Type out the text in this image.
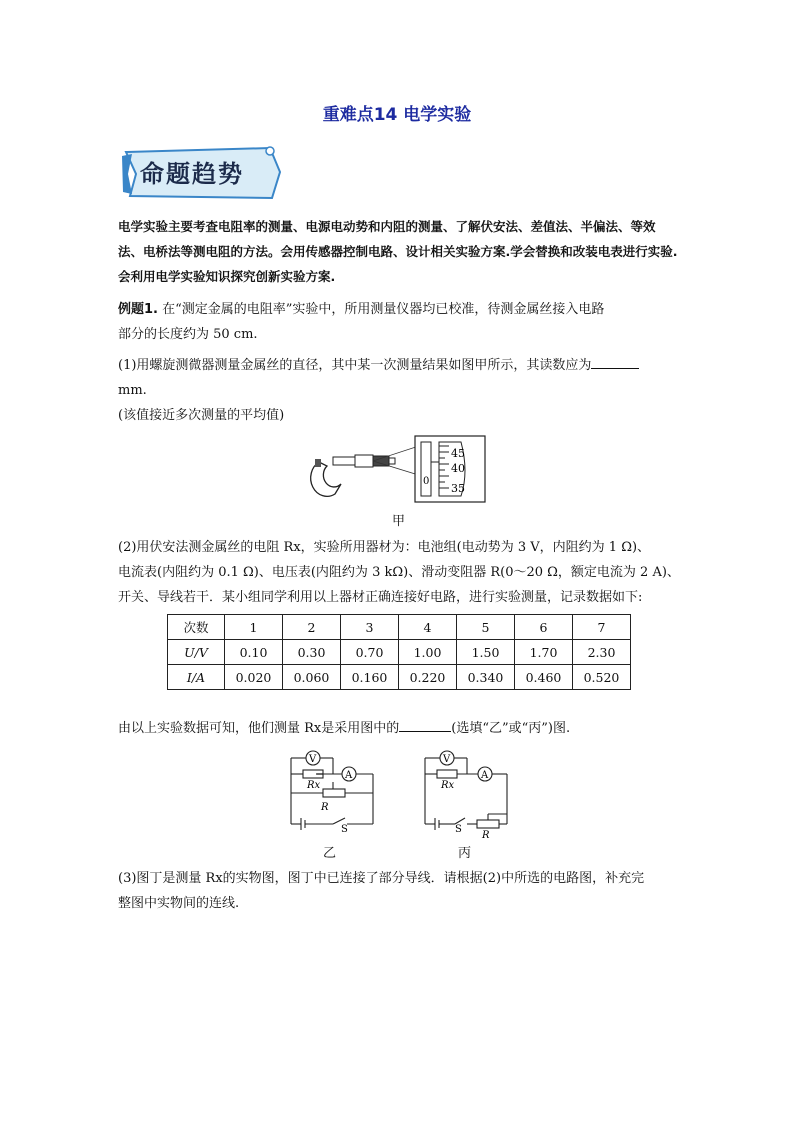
重难点14 电学实验
命题趋势
电学实验主要考查电阻率的测量、电源电动势和内阻的测量、了解伏安法、差值法、半偏法、等效法、电桥法等测电阻的方法。会用传感器控制电路、设计相关实验方案.学会替换和改装电表进行实验.会利用电学实验知识探究创新实验方案.
例题1. 在“测定金属的电阻率”实验中，所用测量仪器均已校准，待测金属丝接入电路
部分的长度约为 50 cm.
(1)用螺旋测微器测量金属丝的直径，其中某一次测量结果如图甲所示，其读数应为
mm.
(该值接近多次测量的平均值)
45
40
35
0
甲
(2)用伏安法测金属丝的电阻 Rx，实验所用器材为：电池组(电动势为 3 V，内阻约为 1 Ω)、
电流表(内阻约为 0.1 Ω)、电压表(内阻约为 3 kΩ)、滑动变阻器 R(0～20 Ω，额定电流为 2 A)、
开关、导线若干．某小组同学利用以上器材正确连接好电路，进行实验测量，记录数据如下:
次数	1	2	3	4	5	6	7
U/V	0.10	0.30	0.70	1.00	1.50	1.70	2.30
I/A	0.020	0.060	0.160	0.220	0.340	0.460	0.520
由以上实验数据可知，他们测量 Rx是采用图中的	(选填“乙”或“丙”)图.
V
A
Rx
R
S
乙
V
A
Rx
R
S
丙
(3)图丁是测量 Rx的实物图，图丁中已连接了部分导线．请根据(2)中所选的电路图，补充完
整图中实物间的连线.
